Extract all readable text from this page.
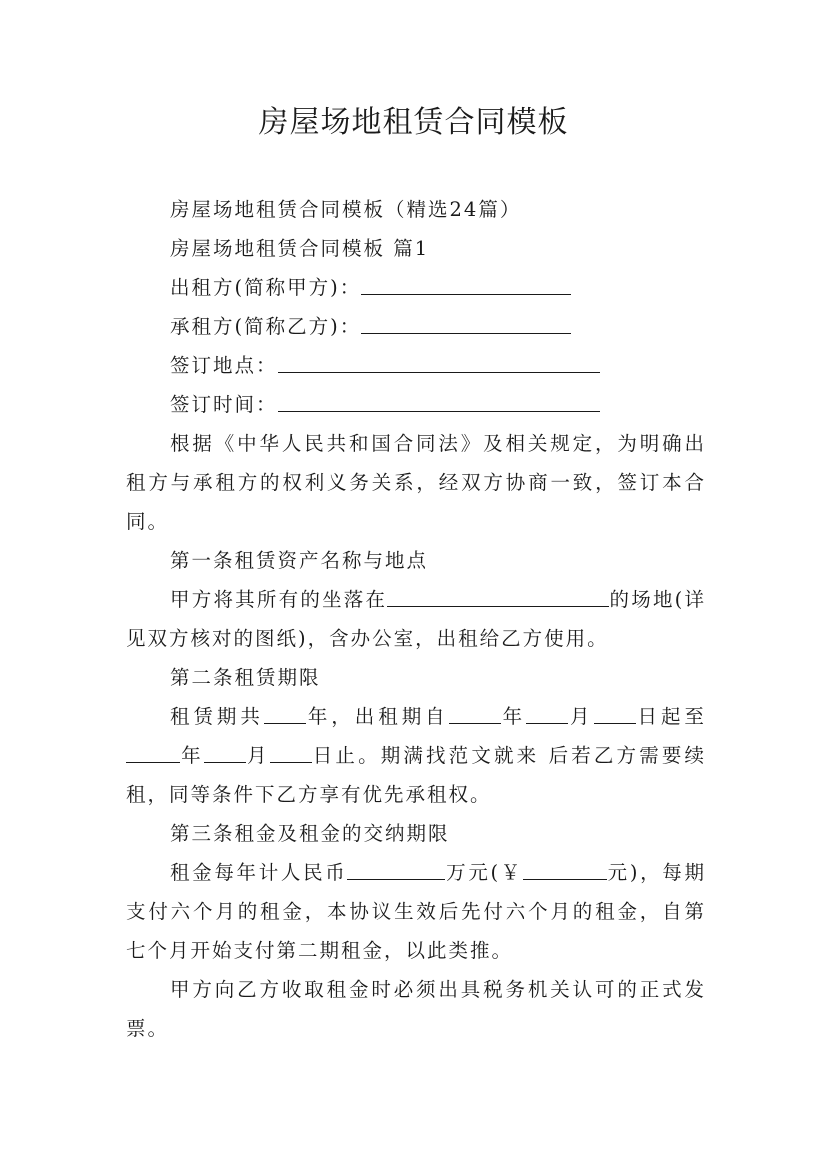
房屋场地租赁合同模板

房屋场地租赁合同模板（精选24篇）

房屋场地租赁合同模板 篇1

出租方(简称甲方)：

承租方(简称乙方)：

签订地点：

签订时间：

根据《中华人民共和国合同法》及相关规定，为明确出租方与承租方的权利义务关系，经双方协商一致，签订本合同。

第一条租赁资产名称与地点

甲方将其所有的坐落在	的场地(详见双方核对的图纸)，含办公室，出租给乙方使用。

第二条租赁期限

租赁期共 年，出租期自	年 月 日起至年 月 日止。期满找范文就来 后若乙方需要续租，同等条件下乙方享有优先承租权。

第三条租金及租金的交纳期限

租金每年计人民币	万元(￥	元)，每期支付六个月的租金，本协议生效后先付六个月的租金，自第七个月开始支付第二期租金，以此类推。

甲方向乙方收取租金时必须出具税务机关认可的正式发票。
